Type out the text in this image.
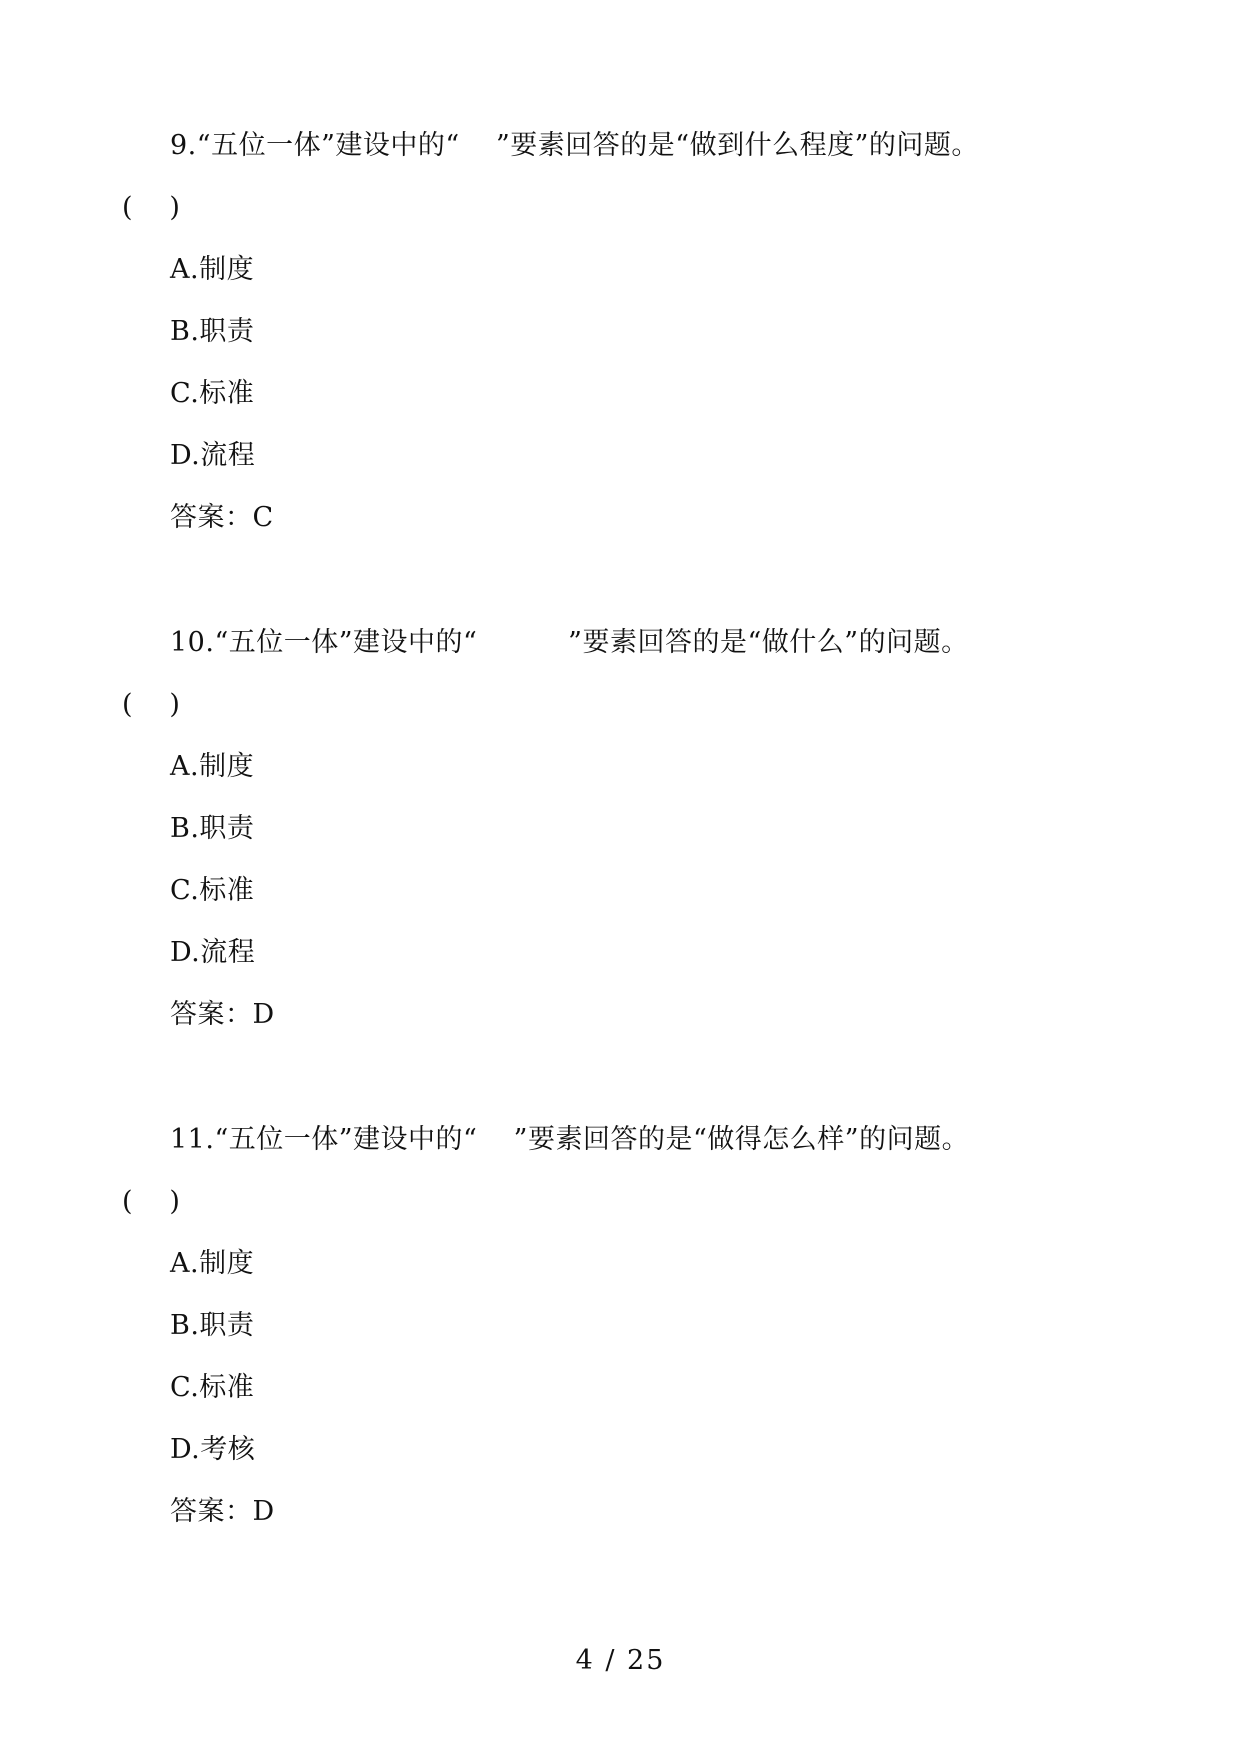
9.“五位一体”建设中的“    ”要素回答的是“做到什么程度”的问题。
(    )
A.制度
B.职责
C.标准
D.流程
答案：C
10.“五位一体”建设中的“          ”要素回答的是“做什么”的问题。
(    )
A.制度
B.职责
C.标准
D.流程
答案：D
11.“五位一体”建设中的“    ”要素回答的是“做得怎么样”的问题。
(    )
A.制度
B.职责
C.标准
D.考核
答案：D
4 / 25
